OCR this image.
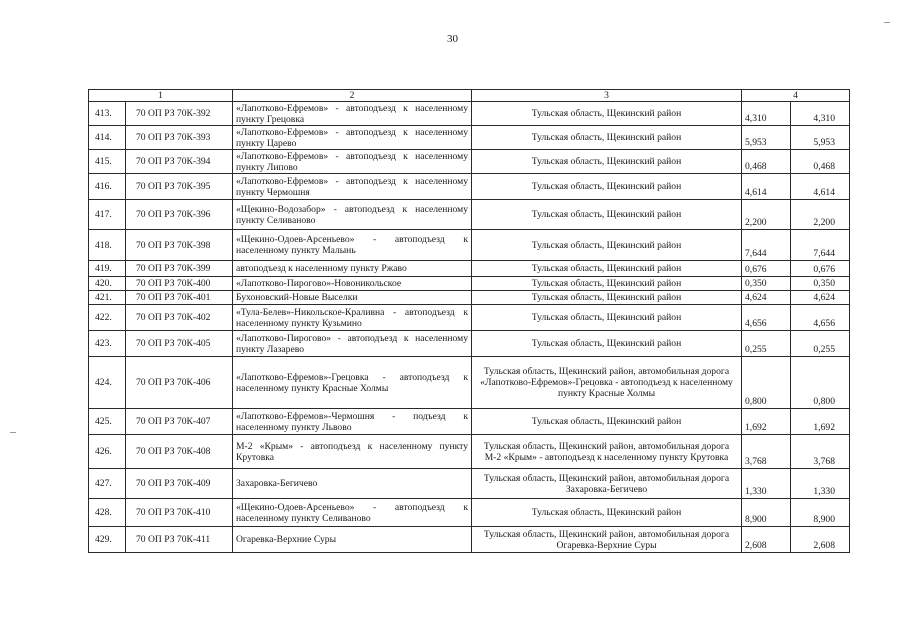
30
1		2	3	4	
413.	70 ОП РЗ 70К-392	«Лапотково-Ефремов» - автоподъезд к населенному пункту Грецовка	Тульская область, Щекинский район	4,310	4,310
414.	70 ОП РЗ 70К-393	«Лапотково-Ефремов» - автоподъезд к населенному пункту Царево	Тульская область, Щекинский район	5,953	5,953
415.	70 ОП РЗ 70К-394	«Лапотково-Ефремов» - автоподъезд к населенному пункту Липово	Тульская область, Щекинский район	0,468	0,468
416.	70 ОП РЗ 70К-395	«Лапотково-Ефремов» - автоподъезд к населенному пункту Чермошня	Тульская область, Щекинский район	4,614	4,614
417.	70 ОП РЗ 70К-396	«Щекино-Водозабор» - автоподъезд к населенному пункту Селиваново	Тульская область, Щекинский район	2,200	2,200
418.	70 ОП РЗ 70К-398	«Щекино-Одоев-Арсеньево» - автоподъезд к населенному пункту Малынь	Тульская область, Щекинский район	7,644	7,644
419.	70 ОП РЗ 70К-399	автоподъезд к населенному пункту Ржаво	Тульская область, Щекинский район	0,676	0,676
420.	70 ОП РЗ 70К-400	«Лапотково-Пирогово»-Новоникольское	Тульская область, Щекинский район	0,350	0,350
421.	70 ОП РЗ 70К-401	Бухоновский-Новые Выселки	Тульская область, Щекинский район	4,624	4,624
422.	70 ОП РЗ 70К-402	«Тула-Белев»-Никольское-Краливна - автоподъезд к населенному пункту Кузьмино	Тульская область, Щекинский район	4,656	4,656
423.	70 ОП РЗ 70К-405	«Лапотково-Пирогово» - автоподъезд к населенному пункту Лазарево	Тульская область, Щекинский район	0,255	0,255
424.	70 ОП РЗ 70К-406	«Лапотково-Ефремов»-Грецовка - автоподъезд к населенному пункту Красные Холмы	Тульская область, Щекинский район, автомобильная дорога «Лапотково-Ефремов»-Грецовка - автоподъезд к населенному пункту Красные Холмы	0,800	0,800
425.	70 ОП РЗ 70К-407	«Лапотково-Ефремов»-Чермошня - подъезд к населенному пункту Львово	Тульская область, Щекинский район	1,692	1,692
426.	70 ОП РЗ 70К-408	М-2 «Крым» - автоподъезд к населенному пункту Крутовка	Тульская область, Щекинский район, автомобильная дорога М-2 «Крым» - автоподъезд к населенному пункту Крутовка	3,768	3,768
427.	70 ОП РЗ 70К-409	Захаровка-Бегичево	Тульская область, Щекинский район, автомобильная дорога Захаровка-Бегичево	1,330	1,330
428.	70 ОП РЗ 70К-410	«Щекино-Одоев-Арсеньево» - автоподъезд к населенному пункту Селиваново	Тульская область, Щекинский район	8,900	8,900
429.	70 ОП РЗ 70К-411	Огаревка-Верхние Суры	Тульская область, Щекинский район, автомобильная дорога Огаревка-Верхние Суры	2,608	2,608
